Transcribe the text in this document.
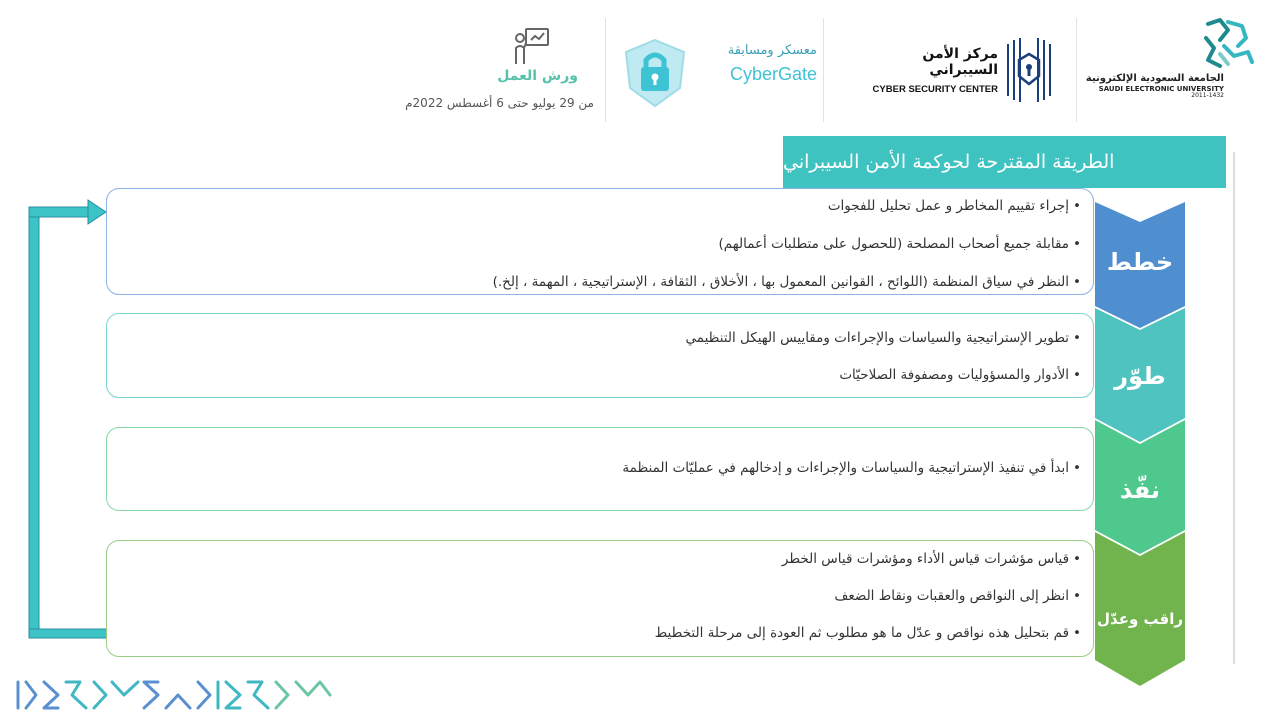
الجامعة السعودية الإلكترونية
SAUDI ELECTRONIC UNIVERSITY
2011-1432
مركز الأمن السيبراني
CYBER SECURITY CENTER
معسكر ومسابقة
CyberGate
ورش العمل
من 29 يوليو حتى 6 أغسطس 2022م
الطريقة المقترحة لحوكمة الأمن السيبراني
•إجراء تقييم المخاطر و عمل تحليل للفجوات
•مقابلة جميع أصحاب المصلحة (للحصول على متطلبات أعمالهم)
•النظر في سياق المنظمة (اللوائح ، القوانين المعمول بها ، الأخلاق ، الثقافة ، الإستراتيجية ، المهمة ، إلخ.)
•تطوير الإستراتيجية والسياسات والإجراءات ومقاييس الهيكل التنظيمي
•الأدوار والمسؤوليات ومصفوفة الصلاحيّات
•ابدأ في تنفيذ الإستراتيجية والسياسات والإجراءات و إدخالهم في عمليّات المنظمة
•قياس مؤشرات قياس الأداء ومؤشرات قياس الخطر
•انظر إلى النواقص والعقبات ونقاط الضعف
•قم بتحليل هذه نواقص و عدّل ما هو مطلوب ثم العودة إلى مرحلة التخطيط
خطط
طوّر
نفّذ
راقب وعدّل
